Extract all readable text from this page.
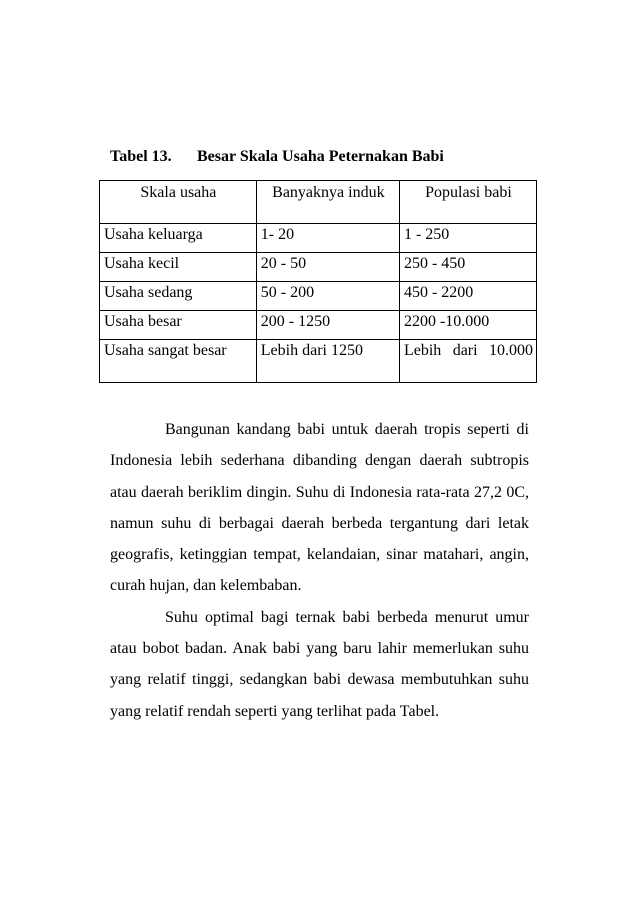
Tabel 13. Besar Skala Usaha Peternakan Babi
Skala usaha	Banyaknya induk	Populasi babi
Usaha keluarga	1- 20	1 - 250
Usaha kecil	20 - 50	250 - 450
Usaha sedang	50 - 200	450 - 2200
Usaha besar	200 - 1250	2200 -10.000
Usaha sangat besar	Lebih dari 1250	Lebih dari 10.000

Bangunan kandang babi untuk daerah tropis seperti di Indonesia lebih sederhana dibanding dengan daerah subtropis atau daerah beriklim dingin. Suhu di Indonesia rata-rata 27,2 0C, namun suhu di berbagai daerah berbeda tergantung dari letak geografis, ketinggian tempat, kelandaian, sinar matahari, angin, curah hujan, dan kelembaban.

Suhu optimal bagi ternak babi berbeda menurut umur atau bobot badan. Anak babi yang baru lahir memerlukan suhu yang relatif tinggi, sedangkan babi dewasa membutuhkan suhu yang relatif rendah seperti yang terlihat pada Tabel.
